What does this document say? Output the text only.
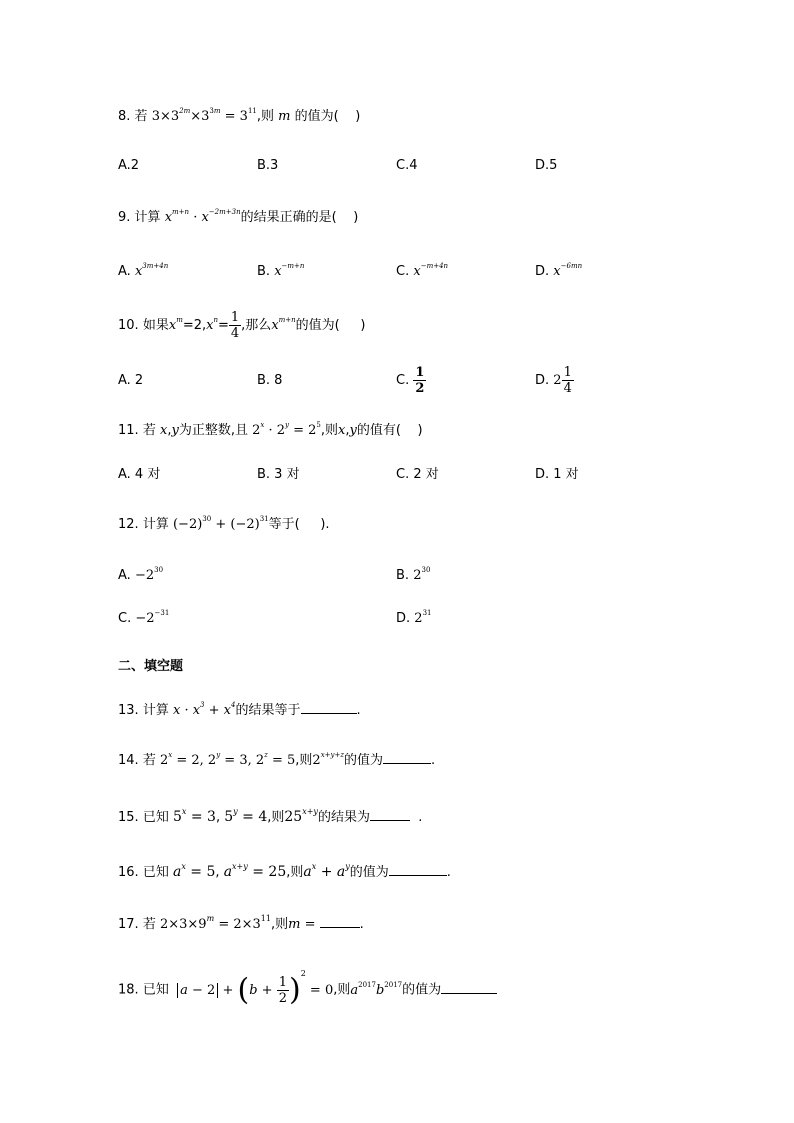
8. 若 $3\times 3^{2m}\times 3^{3m} = 3^{11}$,则 m 的值为( )
A.2	B.3	C.4	D.5
9. 计算 $x^{m+n} \cdot x^{-2m+3n}$的结果正确的是( )
A. $x^{3m+4n}$	B. $x^{-m+n}$	C. $x^{-m+4n}$	D. $x^{-6mn}$
10. 如果$x^m=2,x^n= \frac{1}{4}$ ,那么$x^{m+n}$的值为( )
A. 2	B. 8	C. $\frac{1}{2}$	D. $2 \frac{1}{4}$
11. 若 x,y为正整数,且 $2^x \cdot 2^y = 2^5$,则x,y的值有( )
A. 4 对	B. 3 对	C. 2 对	D. 1 对
12. 计算 $(-2)^{30} + (-2)^{31}$等于( ).
A. $-2^{30}$	B. $2^{30}$
C. $-2^{-31}$	D. $2^{31}$
二、填空题
13. 计算 $x \cdot x^3 + x^4$的结果等于	.
14. 若 $2^x = 2$, $2^y = 3$, $2^z = 5$,则$2^{x+y+z}$的值为	.
15. 已知 $5^x = 3$, $5^y = 4$,则$25^{x+y}$的结果为	.
16. 已知 $a^x = 5$, $a^{x+y} = 25$,则$a^x + a^y$的值为	.
17. 若 $2\times 3\times 9^m = 2\times 3^{11}$,则m =	.
18. 已知 $a - 2 + (b + \frac{1}{2} )^2 = 0$,则$a^{2017}b^{2017}$的值为
